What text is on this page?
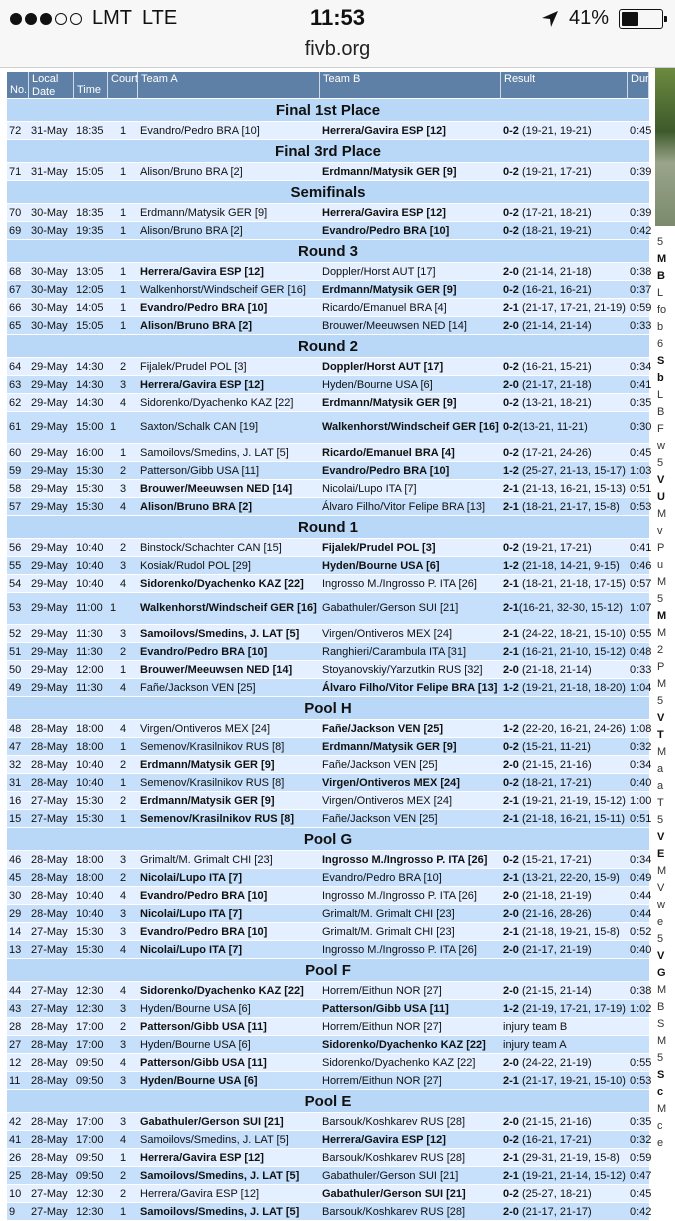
LMT LTE	11:53	41%
fivb.org
No.
Local
Date	Time
Court Team A	Team B	Result	Dur.
Final 1st Place
72 31-May 18:35	1	Evandro/Pedro BRA [10]	Herrera/Gavira ESP [12]	0-2 (19-21, 19-21)	0:45
Final 3rd Place
71 31-May 15:05	1	Alison/Bruno BRA [2]	Erdmann/Matysik GER [9]	0-2 (19-21, 17-21)	0:39
Semifinals
70 30-May 18:35	1	Erdmann/Matysik GER [9]	Herrera/Gavira ESP [12]	0-2 (17-21, 18-21)	0:39
69 30-May 19:35	1	Alison/Bruno BRA [2]	Evandro/Pedro BRA [10]	0-2 (18-21, 19-21)	0:42
Round 3
68 30-May 13:05	1	Herrera/Gavira ESP [12]	Doppler/Horst AUT [17]	2-0 (21-14, 21-18)	0:38
67 30-May 12:05	1	Walkenhorst/Windscheif GER [16]	Erdmann/Matysik GER [9]	0-2 (16-21, 16-21)	0:37
66 30-May 14:05	1	Evandro/Pedro BRA [10]	Ricardo/Emanuel BRA [4]	2-1 (21-17, 17-21, 21-19) 0:59
65 30-May 15:05	1	Alison/Bruno BRA [2]	Brouwer/Meeuwsen NED [14]	2-0 (21-14, 21-14)	0:33
Round 2
64 29-May 14:30	2	Fijalek/Prudel POL [3]	Doppler/Horst AUT [17]	0-2 (16-21, 15-21)	0:34
63 29-May 14:30	3	Herrera/Gavira ESP [12]	Hyden/Bourne USA [6]	2-0 (21-17, 21-18)	0:41
62 29-May 14:30	4	Sidorenko/Dyachenko KAZ [22]	Erdmann/Matysik GER [9]	0-2 (13-21, 18-21)	0:35
61 29-May 15:00 1	Saxton/Schalk CAN [19]	Walkenhorst/Windscheif GER [16] 0-2 (13-21, 11-21)	0:30
60 29-May 16:00	1	Samoilovs/Smedins, J. LAT [5]	Ricardo/Emanuel BRA [4]	0-2 (17-21, 24-26)	0:45
59 29-May 15:30	2	Patterson/Gibb USA [11]	Evandro/Pedro BRA [10]	1-2 (25-27, 21-13, 15-17) 1:03
58 29-May 15:30	3	Brouwer/Meeuwsen NED [14]	Nicolai/Lupo ITA [7]	2-1 (21-13, 16-21, 15-13) 0:51
57 29-May 15:30	4	Alison/Bruno BRA [2]	Álvaro Filho/Vitor Felipe BRA [13]	2-1 (18-21, 21-17, 15-8) 0:53
Round 1
56 29-May 10:40	2	Binstock/Schachter CAN [15]	Fijalek/Prudel POL [3]	0-2 (19-21, 17-21)	0:41
55 29-May 10:40	3	Kosiak/Rudol POL [29]	Hyden/Bourne USA [6]	1-2 (21-18, 14-21, 9-15) 0:46
54 29-May 10:40	4	Sidorenko/Dyachenko KAZ [22]	Ingrosso M./Ingrosso P. ITA [26]	2-1 (18-21, 21-18, 17-15) 0:57
53 29-May 11:00 1	Walkenhorst/Windscheif GER [16] Gabathuler/Gerson SUI [21]	2-1 (16-21, 32-30, 15-12) 1:07
52 29-May 11:30	3	Samoilovs/Smedins, J. LAT [5]	Virgen/Ontiveros MEX [24]	2-1 (24-22, 18-21, 15-10) 0:55
51 29-May 11:30	2	Evandro/Pedro BRA [10]	Ranghieri/Carambula ITA [31]	2-1 (16-21, 21-10, 15-12) 0:48
50 29-May 12:00	1	Brouwer/Meeuwsen NED [14]	Stoyanovskiy/Yarzutkin RUS [32]	2-0 (21-18, 21-14)	0:33
49 29-May 11:30	4	Fañe/Jackson VEN [25]	Álvaro Filho/Vitor Felipe BRA [13] 1-2 (19-21, 21-18, 18-20) 1:04
Pool H
48 28-May 18:00	4	Virgen/Ontiveros MEX [24]	Fañe/Jackson VEN [25]	1-2 (22-20, 16-21, 24-26) 1:08
47 28-May 18:00	1	Semenov/Krasilnikov RUS [8]	Erdmann/Matysik GER [9]	0-2 (15-21, 11-21)	0:32
32 28-May 10:40	2	Erdmann/Matysik GER [9]	Fañe/Jackson VEN [25]	2-0 (21-15, 21-16)	0:34
31 28-May 10:40	1	Semenov/Krasilnikov RUS [8]	Virgen/Ontiveros MEX [24]	0-2 (18-21, 17-21)	0:40
16 27-May 15:30	2	Erdmann/Matysik GER [9]	Virgen/Ontiveros MEX [24]	2-1 (19-21, 21-19, 15-12) 1:00
15 27-May 15:30	1	Semenov/Krasilnikov RUS [8]	Fañe/Jackson VEN [25]	2-1 (21-18, 16-21, 15-11) 0:51
Pool G
46 28-May 18:00	3	Grimalt/M. Grimalt CHI [23]	Ingrosso M./Ingrosso P. ITA [26]	0-2 (15-21, 17-21)	0:34
45 28-May 18:00	2	Nicolai/Lupo ITA [7]	Evandro/Pedro BRA [10]	2-1 (13-21, 22-20, 15-9) 0:49
30 28-May 10:40	4	Evandro/Pedro BRA [10]	Ingrosso M./Ingrosso P. ITA [26]	2-0 (21-18, 21-19)	0:44
29 28-May 10:40	3	Nicolai/Lupo ITA [7]	Grimalt/M. Grimalt CHI [23]	2-0 (21-16, 28-26)	0:44
14 27-May 15:30	3	Evandro/Pedro BRA [10]	Grimalt/M. Grimalt CHI [23]	2-1 (21-18, 19-21, 15-8) 0:52
13 27-May 15:30	4	Nicolai/Lupo ITA [7]	Ingrosso M./Ingrosso P. ITA [26]	2-0 (21-17, 21-19)	0:40
Pool F
44 27-May 12:30	4	Sidorenko/Dyachenko KAZ [22]	Horrem/Eithun NOR [27]	2-0 (21-15, 21-14)	0:38
43 27-May 12:30	3	Hyden/Bourne USA [6]	Patterson/Gibb USA [11]	1-2 (21-19, 17-21, 17-19) 1:02
28 28-May 17:00	2	Patterson/Gibb USA [11]	Horrem/Eithun NOR [27]	injury team B
27 28-May 17:00	3	Hyden/Bourne USA [6]	Sidorenko/Dyachenko KAZ [22]	injury team A
12 28-May 09:50	4	Patterson/Gibb USA [11]	Sidorenko/Dyachenko KAZ [22]	2-0 (24-22, 21-19)	0:55
11 28-May 09:50	3	Hyden/Bourne USA [6]	Horrem/Eithun NOR [27]	2-1 (21-17, 19-21, 15-10) 0:53
Pool E
42 28-May 17:00	3	Gabathuler/Gerson SUI [21]	Barsouk/Koshkarev RUS [28]	2-0 (21-15, 21-16)	0:35
41 28-May 17:00	4	Samoilovs/Smedins, J. LAT [5]	Herrera/Gavira ESP [12]	0-2 (16-21, 17-21)	0:32
26 28-May 09:50	1	Herrera/Gavira ESP [12]	Barsouk/Koshkarev RUS [28]	2-1 (29-31, 21-19, 15-8) 0:59
25 28-May 09:50	2	Samoilovs/Smedins, J. LAT [5]	Gabathuler/Gerson SUI [21]	2-1 (19-21, 21-14, 15-12) 0:47
10 27-May 12:30	2	Herrera/Gavira ESP [12]	Gabathuler/Gerson SUI [21]	0-2 (25-27, 18-21)	0:45
9	27-May 12:30	1	Samoilovs/Smedins, J. LAT [5]	Barsouk/Koshkarev RUS [28]	2-0 (21-17, 21-17)	0:42
5
M
B
L
fo
b
6
S
b
L
B
F
w
5
V
U
M
v
P
u
M
5
M
M
2
P
M
5
V
T
M
a
a
T
5
V
E
M
V
w
e
5
V
G
M
B
S
M
5
S
c
M
c
e
